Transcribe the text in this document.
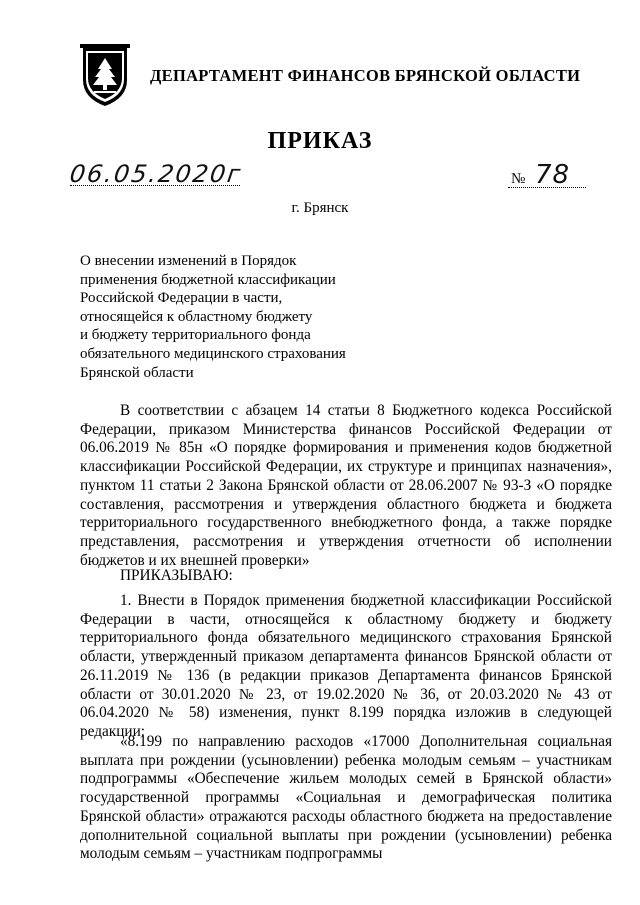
ДЕПАРТАМЕНТ ФИНАНСОВ БРЯНСКОЙ ОБЛАСТИ
ПРИКАЗ
06.05.2020г	№ 78
г. Брянск
О внесении изменений в Порядок
применения бюджетной классификации
Российской Федерации в части,
относящейся к областному бюджету
и бюджету территориального фонда
обязательного медицинского страхования
Брянской области
В соответствии с абзацем 14 статьи 8 Бюджетного кодекса Российской Федерации, приказом Министерства финансов Российской Федерации от 06.06.2019 № 85н «О порядке формирования и применения кодов бюджетной классификации Российской Федерации, их структуре и принципах назначения», пунктом 11 статьи 2 Закона Брянской области от 28.06.2007 № 93-З «О порядке составления, рассмотрения и утверждения областного бюджета и бюджета территориального государственного внебюджетного фонда, а также порядке представления, рассмотрения и утверждения отчетности об исполнении бюджетов и их внешней проверки»
ПРИКАЗЫВАЮ:
1. Внести в Порядок применения бюджетной классификации Российской Федерации в части, относящейся к областному бюджету и бюджету территориального фонда обязательного медицинского страхования Брянской области, утвержденный приказом департамента финансов Брянской области от 26.11.2019 № 136 (в редакции приказов Департамента финансов Брянской области от 30.01.2020 № 23, от 19.02.2020 № 36, от 20.03.2020 № 43 от 06.04.2020 № 58) изменения, пункт 8.199 порядка изложив в следующей редакции:
«8.199 по направлению расходов «17000 Дополнительная социальная выплата при рождении (усыновлении) ребенка молодым семьям – участникам подпрограммы «Обеспечение жильем молодых семей в Брянской области» государственной программы «Социальная и демографическая политика Брянской области» отражаются расходы областного бюджета на предоставление дополнительной социальной выплаты при рождении (усыновлении) ребенка молодым семьям – участникам подпрограммы
